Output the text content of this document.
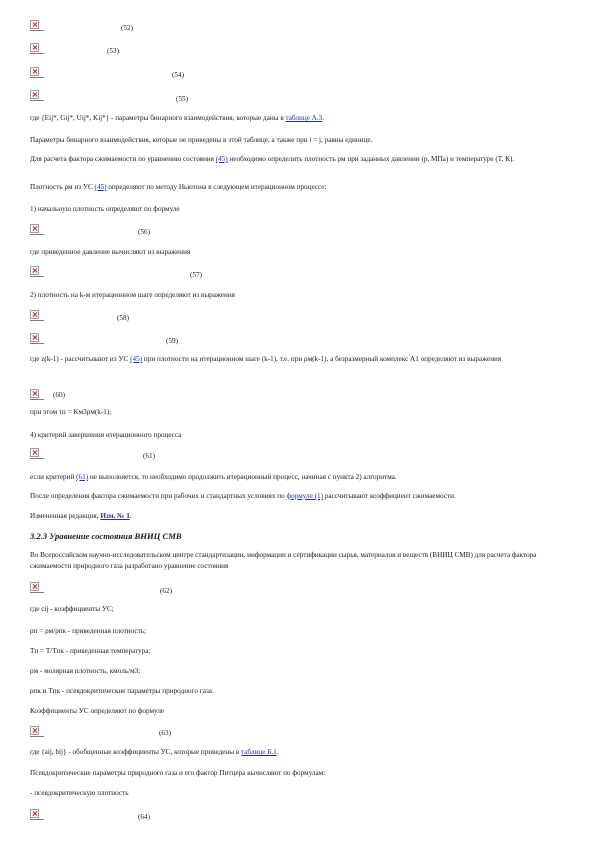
(52)
(53)
(54)
(55)
где {Eij*, Gij*, Uij*, Kij*} - параметры бинарного взаимодействия, которые даны в таблице А.3.
Параметры бинарного взаимодействия, которые не приведены в этой таблице, а также при i = j, равны единице.
Для расчета фактора сжимаемости по уравнению состояния (45) необходимо определить плотность ρм при заданных давлении (p, МПа) и температуре (T, К).
Плотность ρм из УС (45) определяют по методу Ньютона в следующем итерационном процессе:
1) начальную плотность определяют по формуле
(56)
где приведенное давление вычисляют из выражения
(57)
2) плотность на k-м итерационном шаге определяют из выражения
(58)
(59)
где z(k-1) - рассчитывают из УС (45) при плотности на итерационном шаге (k-1), т.е. при ρм(k-1), а безразмерный комплекс A1 определяют из выражения
(60)
при этом τп = Kм3ρм(k-1);
4) критерий завершения итерационного процесса
(61)
если критерий (61) не выполняется, то необходимо продолжить итерационный процесс, начиная с пункта 2) алгоритма.
После определения фактора сжимаемости при рабочих и стандартных условиях по формуле (1) рассчитывают коэффициент сжимаемости.
Измененная редакция, Изм. № 1.
3.2.3 Уравнение состояния ВНИЦ СМВ
Во Всероссийском научно-исследовательском центре стандартизации, информации и сертификации сырья, материалов и веществ (ВНИЦ СМВ) для расчета фактора сжимаемости природного газа разработано уравнение состояния
(62)
где cij - коэффициенты УС;
ρп = ρм/ρпк - приведенная плотность;
Tп = T/Tпк - приведенная температура;
ρм - молярная плотность, кмоль/м3;
ρпк и Tпк - псевдокритические параметры природного газа.
Коэффициенты УС определяют по формуле
(63)
где {aij, bij} - обобщенные коэффициенты УС, которые приведены в таблице Б.1.
Псевдокритические параметры природного газа и его фактор Питцера вычисляют по формулам:
- псевдокритическую плотность
(64)
